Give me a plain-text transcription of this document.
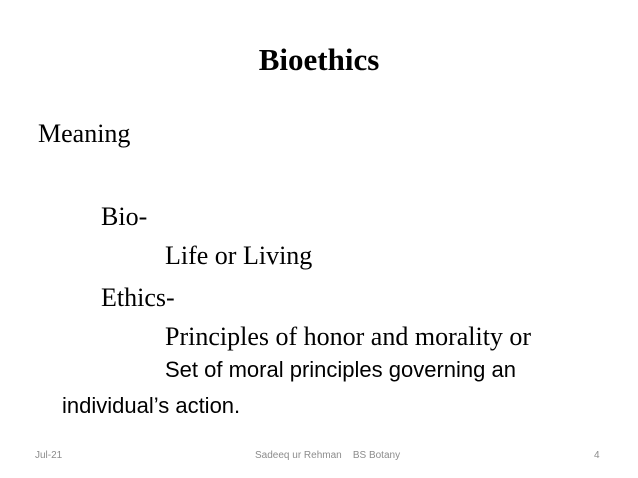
Bioethics
Meaning
Bio-
Life or Living
Ethics-
Principles of honor and morality or
Set of moral principles governing an
individual’s action.
Jul-21	Sadeeq ur Rehman    BS Botany	4
